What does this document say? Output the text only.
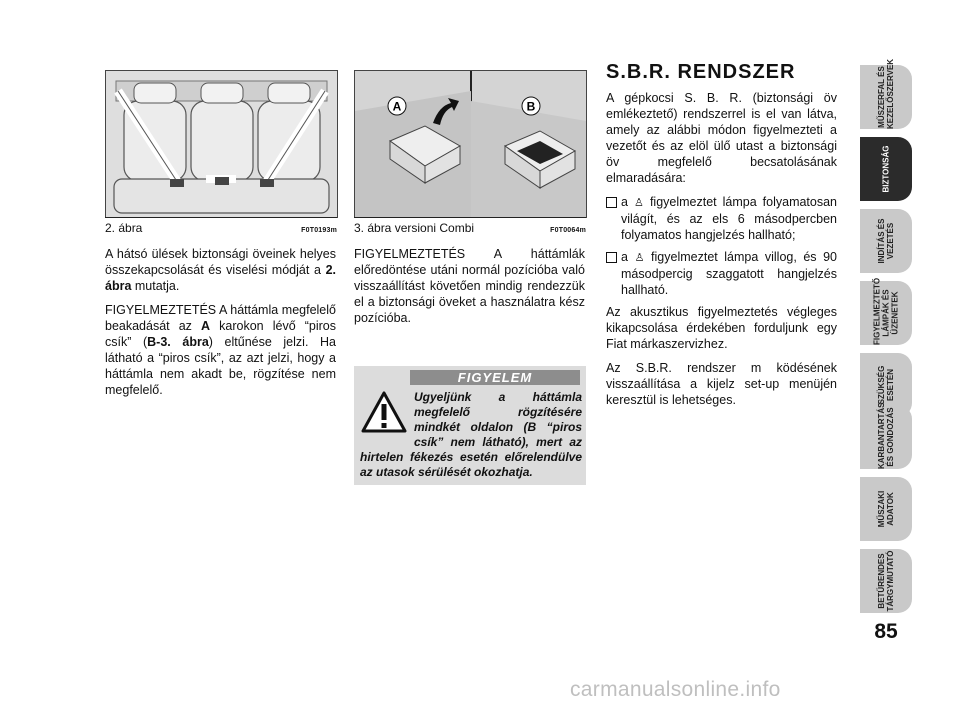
2. ábra	F0T0193m
A	B
3. ábra versioni Combi	F0T0064m

A hátsó ülések biztonsági öveinek helyes összekapcsolását és viselési módját a 2. ábra mutatja.

FIGYELMEZTETÉS A háttámla megfelelő beakadását az A karokon lévő “piros csík” (B-3. ábra) eltűnése jelzi. Ha látható a “piros csík”, az azt jelzi, hogy a háttámla nem akadt be, rögzítése nem megfelelő.

FIGYELMEZTETÉS A háttámlák előredöntése utáni normál pozícióba való visszaállítást követően mindig rendezzük el a biztonsági öveket a használatra kész pozícióba.

FIGYELEM
Ugyeljünk a háttámla megfelelő rögzítésére mindkét oldalon (B “piros csík” nem látható), mert az hirtelen fékezés esetén előrelendülve az utasok sérülését okozhatja.

S.B.R. RENDSZER

A gépkocsi S. B. R. (biztonsági öv emlékeztető) rendszerrel is el van látva, amely az alábbi módon figyelmezteti a vezetőt és az elöl ülő utast a biztonsági öv megfelelő becsatolásának elmaradására:

a ♙ figyelmeztet lámpa folyamatosan világít, és az els 6 másodpercben folyamatos hangjelzés hallható;
a ♙ figyelmeztet lámpa villog, és 90 másodpercig szaggatott hangjelzés hallható.

Az akusztikus figyelmeztetés végleges kikapcsolása érdekében forduljunk egy Fiat márkaszervizhez.

Az S.B.R. rendszer m ködésének visszaállítása a kijelz set-up menüjén keresztül is lehetséges.

MŰSZERFAL ÉS
KEZELŐSZERVEK
BIZTONSÁG
INDÍTÁS ÉS
VEZETÉS
FIGYELMEZTETŐ
LÁMPÁK ÉS
ÜZENETEK
SZÜKSÉG
ESETÉN
KARBANTARTÁS
ÉS GONDOZÁS
MŰSZAKI
ADATOK
BETŰRENDES
TÁRGYMUTATÓ
85
carmanualsonline.info
